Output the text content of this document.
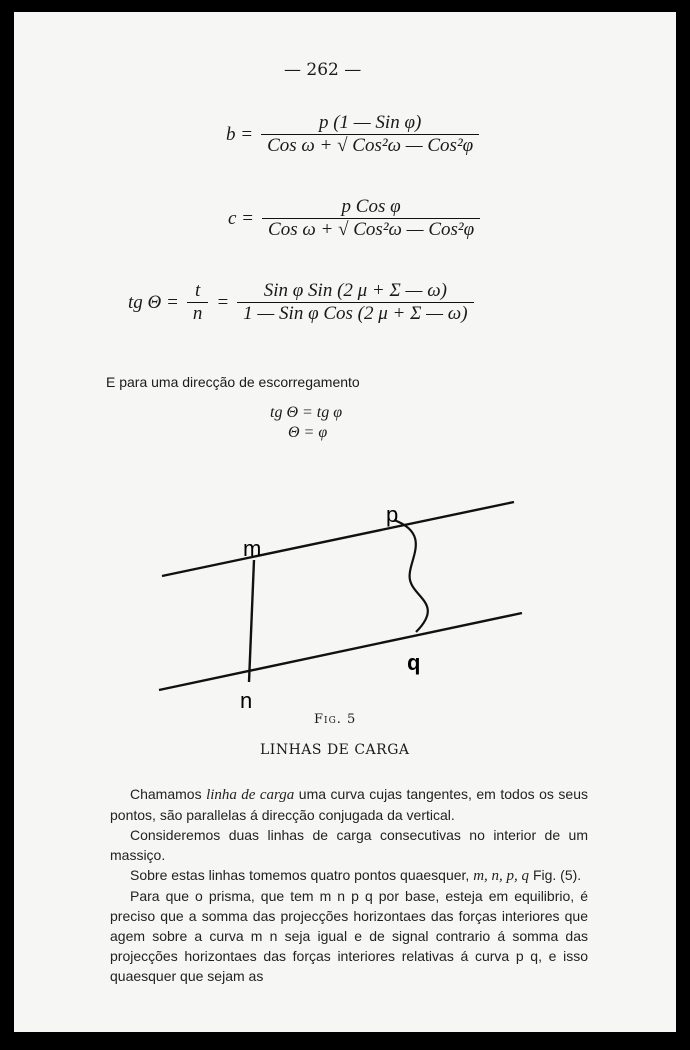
— 262 —
$b = \frac{\text{p (1 — Sin φ)}}{\text{Cos ω + √ Cos²ω — Cos²φ}}$
$c = \frac{\text{p Cos φ}}{\text{Cos ω + √ Cos²ω — Cos²φ}}$
tg $\Theta = \frac{t}{n} = \frac{\text{Sin φ Sin (2 μ + Σ — ω)}}{\text{1 — Sin φ Cos (2 μ + Σ — ω)}}$
E para uma direcção de escorregamento
tg Θ = tg φ
Θ = φ
m
p
n
q
Fig. 5
LINHAS DE CARGA

Chamamos linha de carga uma curva cujas tangentes, em todos os seus pontos, são parallelas á direcção conjugada da vertical.

Consideremos duas linhas de carga consecutivas no interior de um massiço.

Sobre estas linhas tomemos quatro pontos quaesquer, m, n, p, q Fig. (5).

Para que o prisma, que tem m n p q por base, esteja em equilibrio, é preciso que a somma das projecções horizontaes das forças interiores que agem sobre a curva m n seja igual e de signal contrario á somma das projecções horizontaes das forças interiores relativas á curva p q, e isso quaesquer que sejam as
